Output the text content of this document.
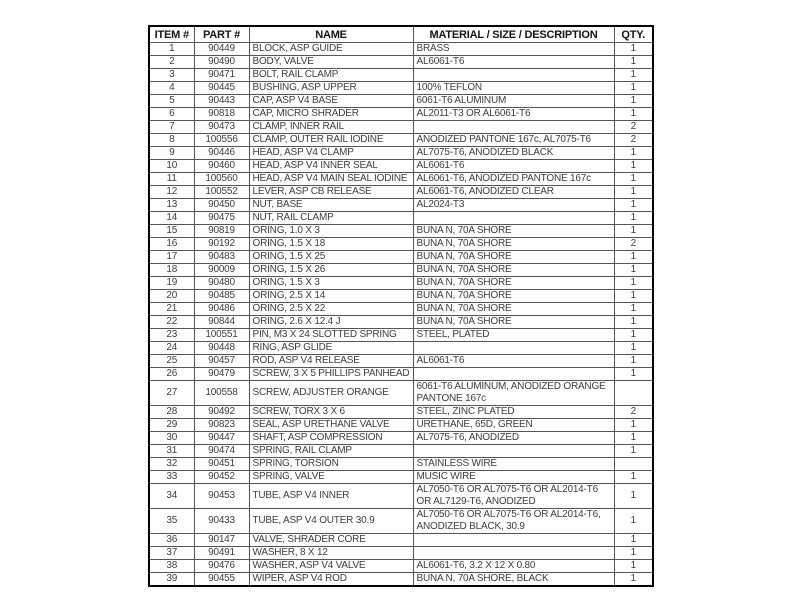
ITEM #	PART #	NAME	MATERIAL / SIZE / DESCRIPTION	QTY.
1	90449	BLOCK, ASP GUIDE	BRASS	1
2	90490	BODY, VALVE	AL6061-T6	1
3	90471	BOLT, RAIL CLAMP		1
4	90445	BUSHING, ASP UPPER	100% TEFLON	1
5	90443	CAP, ASP V4 BASE	6061-T6 ALUMINUM	1
6	90818	CAP, MICRO SHRADER	AL2011-T3 OR AL6061-T6	1
7	90473	CLAMP, INNER RAIL		2
8	100556	CLAMP, OUTER RAIL IODINE	ANODIZED PANTONE 167c, AL7075-T6	2
9	90446	HEAD, ASP V4 CLAMP	AL7075-T6, ANODIZED BLACK	1
10	90460	HEAD, ASP V4 INNER SEAL	AL6061-T6	1
11	100560	HEAD, ASP V4 MAIN SEAL IODINE	AL6061-T6, ANODIZED PANTONE 167c	1
12	100552	LEVER, ASP CB RELEASE	AL6061-T6, ANODIZED CLEAR	1
13	90450	NUT, BASE	AL2024-T3	1
14	90475	NUT, RAIL CLAMP		1
15	90819	ORING, 1.0 X 3	BUNA N, 70A SHORE	1
16	90192	ORING, 1.5 X 18	BUNA N, 70A SHORE	2
17	90483	ORING, 1.5 X 25	BUNA N, 70A SHORE	1
18	90009	ORING, 1.5 X 26	BUNA N, 70A SHORE	1
19	90480	ORING, 1.5 X 3	BUNA N, 70A SHORE	1
20	90485	ORING, 2.5 X 14	BUNA N, 70A SHORE	1
21	90486	ORING, 2.5 X 22	BUNA N, 70A SHORE	1
22	90844	ORING, 2.6 X 12.4 J	BUNA N, 70A SHORE	1
23	100551	PIN, M3 X 24 SLOTTED SPRING	STEEL, PLATED	1
24	90448	RING, ASP GLIDE		1
25	90457	ROD, ASP V4 RELEASE	AL6061-T6	1
26	90479	SCREW, 3 X 5 PHILLIPS PANHEAD		1
27	100558	SCREW, ADJUSTER ORANGE	6061-T6 ALUMINUM, ANODIZED ORANGE PANTONE 167c	
28	90492	SCREW, TORX 3 X 6	STEEL, ZINC PLATED	2
29	90823	SEAL, ASP URETHANE VALVE	URETHANE, 65D, GREEN	1
30	90447	SHAFT, ASP COMPRESSION	AL7075-T6, ANODIZED	1
31	90474	SPRING, RAIL CLAMP		1
32	90451	SPRING, TORSION	STAINLESS WIRE	
33	90452	SPRING, VALVE	MUSIC WIRE	1
34	90453	TUBE, ASP V4 INNER	AL7050-T6 OR AL7075-T6 OR AL2014-T6 OR AL7129-T6, ANODIZED	1
35	90433	TUBE, ASP V4 OUTER 30.9	AL7050-T6 OR AL7075-T6 OR AL2014-T6, ANODIZED BLACK, 30.9	1
36	90147	VALVE, SHRADER CORE		1
37	90491	WASHER, 8 X 12		1
38	90476	WASHER, ASP V4 VALVE	AL6061-T6, 3.2 X 12 X 0.80	1
39	90455	WIPER, ASP V4 ROD	BUNA N, 70A SHORE, BLACK	1
